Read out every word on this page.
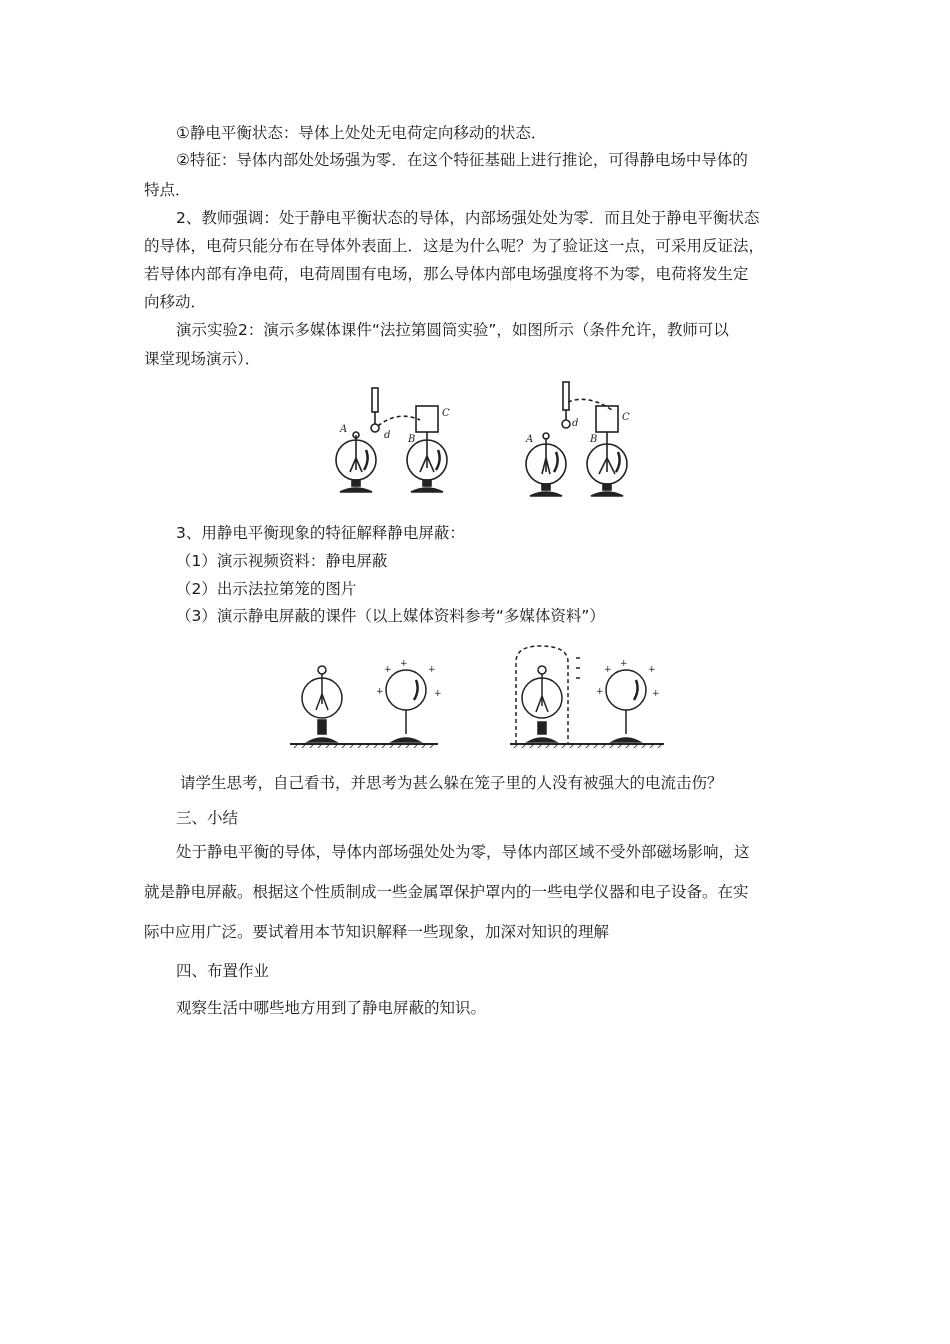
①静电平衡状态：导体上处处无电荷定向移动的状态．
②特征：导体内部处处场强为零．在这个特征基础上进行推论，可得静电场中导体的
特点．
2、教师强调：处于静电平衡状态的导体，内部场强处处为零．而且处于静电平衡状态
的导体，电荷只能分布在导体外表面上．这是为什么呢？为了验证这一点，可采用反证法，
若导体内部有净电荷，电荷周围有电场，那么导体内部电场强度将不为零，电荷将发生定
向移动．
演示实验2：演示多媒体课件“法拉第圆筒实验”，如图所示（条件允许，教师可以
课堂现场演示）．
A
d B
C
A
d
B
C
3、用静电平衡现象的特征解释静电屏蔽：
（1）演示视频资料：静电屏蔽
（2）出示法拉第笼的图片
（3）演示静电屏蔽的课件（以上媒体资料参考“多媒体资料”）
+	+
+	+
+
+	+
+	+
+
请学生思考，自己看书，并思考为甚么躲在笼子里的人没有被强大的电流击伤？
三、小结
处于静电平衡的导体，导体内部场强处处为零，导体内部区域不受外部磁场影响，这
就是静电屏蔽。根据这个性质制成一些金属罩保护罩内的一些电学仪器和电子设备。在实
际中应用广泛。要试着用本节知识解释一些现象，加深对知识的理解
四、布置作业
观察生活中哪些地方用到了静电屏蔽的知识。
